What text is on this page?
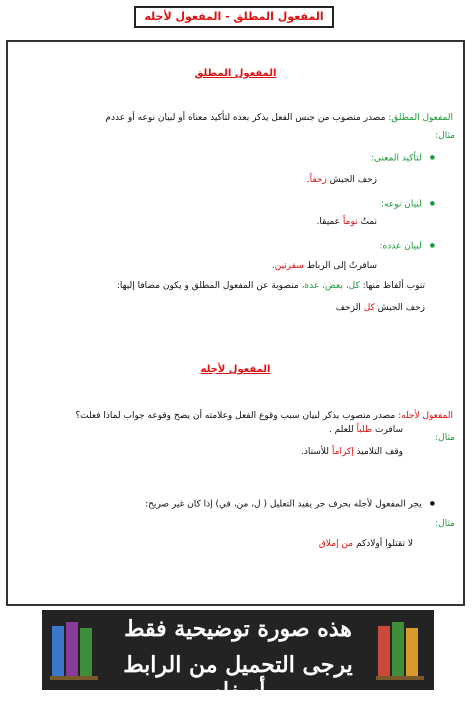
المفعول المطلق - المفعول لأجله
المفعول المطلق
المفعول المطلق: مصدر منصوب من جنس الفعل يذكر بعده لتأكيد معناه أو لبيان نوعه أو عددم
مثال:
● لتأكيد المعنى:
زحف الجيش زحفاً.
● لبيان نوعه:
نمتُ نوماً عميقا.
● لبيان عدده:
سافرتُ إلى الرباط سفرتين.
تنوب ألفاظ منها: كل، بعض، عدة، منصوبة عن المفعول المطلق و يكون مضافا إليها:
زحف الجيش كل الزحف
المفعول لأجله
المفعول لأجله: مصدر منصوب يذكر لبيان سبب وقوع الفعل وعلامته أن يصح وقوعه جواب لماذا فعلت؟
مثال:
سافرت طلباً للعلم .
وقف التلاميذ إكراماً للأستاذ.
● يجر المفعول لأجله بحرف جر يفيد التعليل ( ل، من، في) إذا كان غير صريح:
مثال:
لا تقتلوا أولادكم من إملاق
هذه صورة توضيحية فقط
يرجى التحميل من الرابط أسفله
